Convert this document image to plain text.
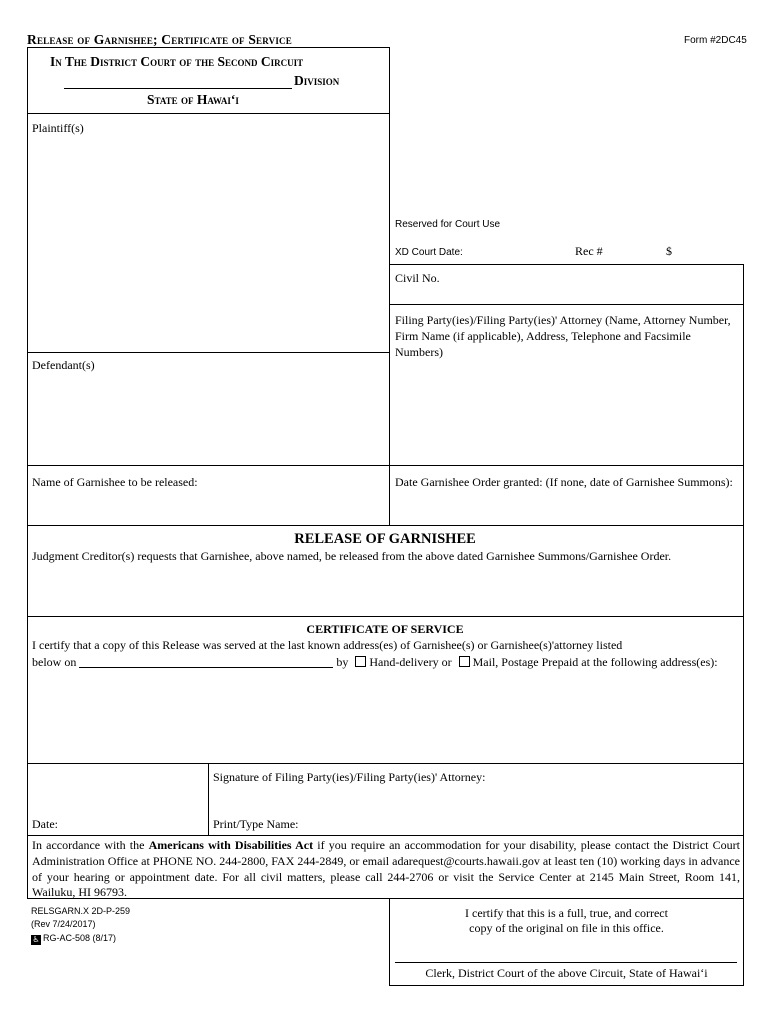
Release of Garnishee; Certificate of Service	Form #2DC45
In The District Court of the Second Circuit
Division
State of Hawai‘i
Plaintiff(s)
Defendant(s)
Reserved for Court Use
XD Court Date:	Rec #	$
Civil No.
Filing Party(ies)/Filing Party(ies)' Attorney (Name, Attorney Number, Firm Name (if applicable), Address, Telephone and Facsimile Numbers)
Name of Garnishee to be released:	Date Garnishee Order granted: (If none, date of Garnishee Summons):
RELEASE OF GARNISHEE
Judgment Creditor(s) requests that Garnishee, above named, be released from the above dated Garnishee Summons/Garnishee Order.
CERTIFICATE OF SERVICE
I certify that a copy of this Release was served at the last known address(es) of Garnishee(s) or Garnishee(s)'attorney listed
below on	by Hand-delivery or Mail, Postage Prepaid at the following address(es):
Date:
Signature of Filing Party(ies)/Filing Party(ies)' Attorney:
Print/Type Name:
In accordance with the Americans with Disabilities Act if you require an accommodation for your disability, please contact the District Court Administration Office at PHONE NO. 244-2800, FAX 244-2849, or email adarequest@courts.hawaii.gov at least ten (10) working days in advance of your hearing or appointment date. For all civil matters, please call 244-2706 or visit the Service Center at 2145 Main Street, Room 141, Wailuku, HI 96793.
RELSGARN.X 2D-P-259
(Rev 7/24/2017)
♿ RG-AC-508 (8/17)
I certify that this is a full, true, and correct
copy of the original on file in this office.
Clerk, District Court of the above Circuit, State of Hawai‘i
